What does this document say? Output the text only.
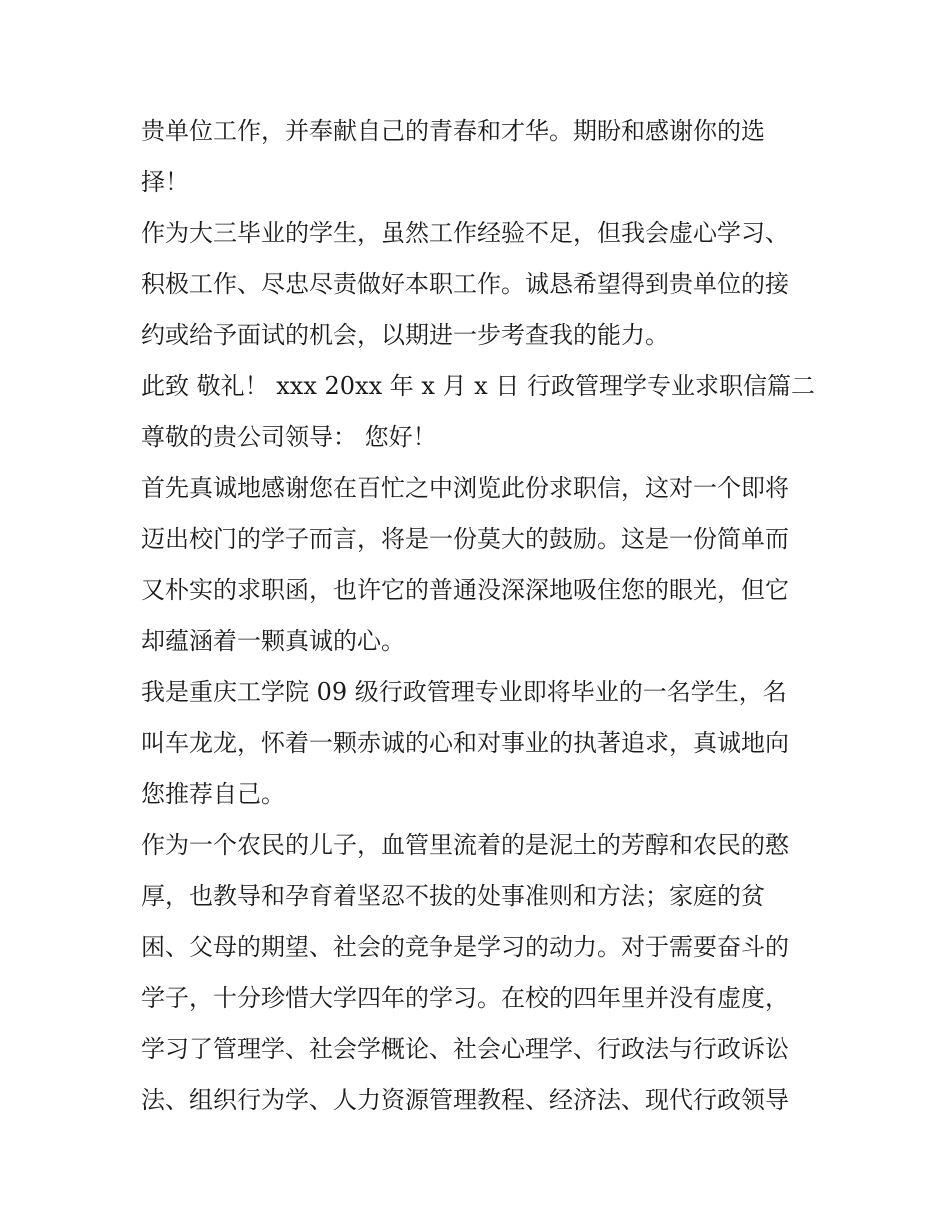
贵单位工作，并奉献自己的青春和才华。期盼和感谢你的选
择！
作为大三毕业的学生，虽然工作经验不足，但我会虚心学习、
积极工作、尽忠尽责做好本职工作。诚恳希望得到贵单位的接
约或给予面试的机会，以期进一步考查我的能力。
此致 敬礼！ xxx 20xx 年 x 月 x 日 行政管理学专业求职信篇二
尊敬的贵公司领导： 您好！
首先真诚地感谢您在百忙之中浏览此份求职信，这对一个即将
迈出校门的学子而言，将是一份莫大的鼓励。这是一份简单而
又朴实的求职函，也许它的普通没深深地吸住您的眼光，但它
却蕴涵着一颗真诚的心。
我是重庆工学院 09 级行政管理专业即将毕业的一名学生，名
叫车龙龙，怀着一颗赤诚的心和对事业的执著追求，真诚地向
您推荐自己。
作为一个农民的儿子，血管里流着的是泥土的芳醇和农民的憨
厚，也教导和孕育着坚忍不拔的处事准则和方法；家庭的贫
困、父母的期望、社会的竞争是学习的动力。对于需要奋斗的
学子，十分珍惜大学四年的学习。在校的四年里并没有虚度，
学习了管理学、社会学概论、社会心理学、行政法与行政诉讼
法、组织行为学、人力资源管理教程、经济法、现代行政领导
